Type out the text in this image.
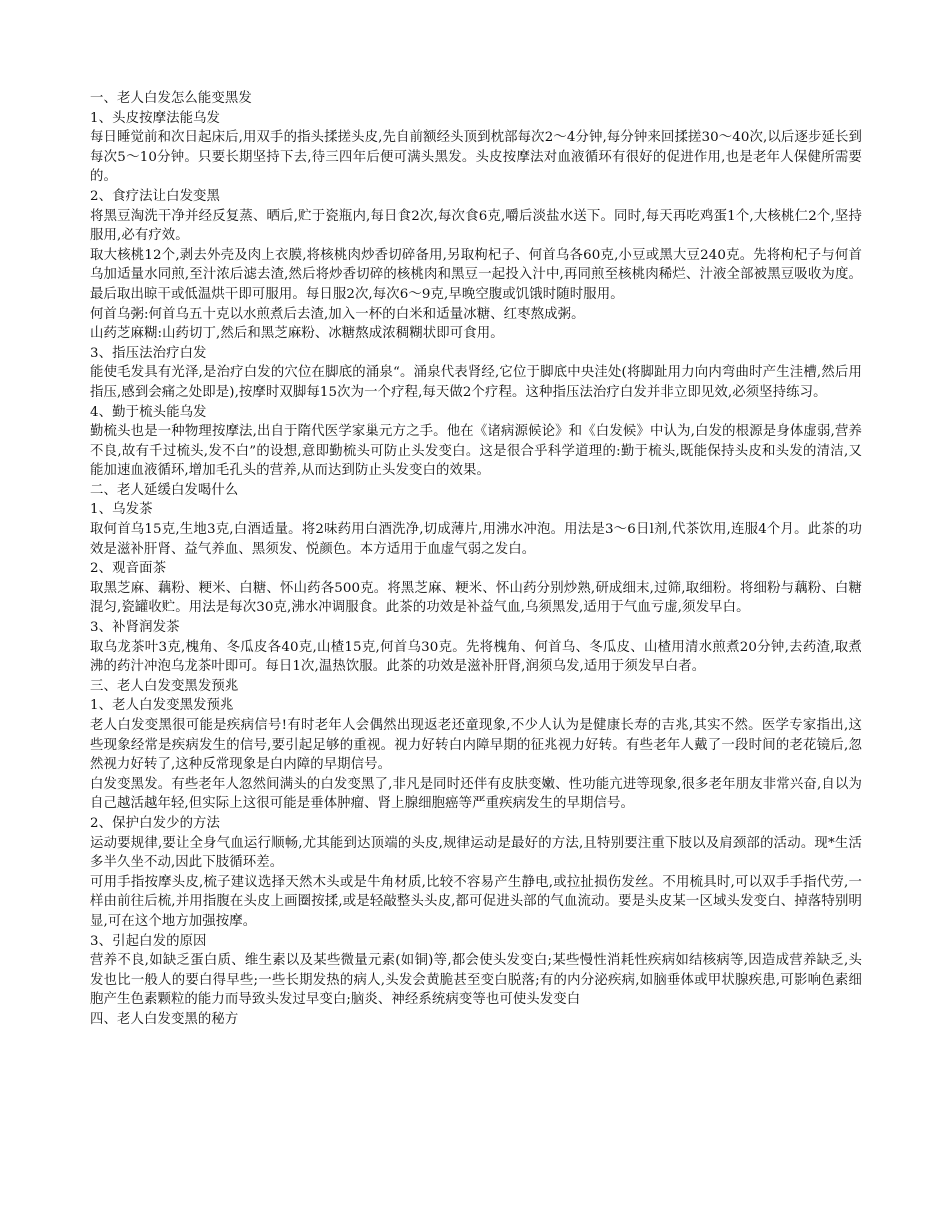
一、老人白发怎么能变黑发

1、头皮按摩法能乌发

每日睡觉前和次日起床后,用双手的指头揉搓头皮,先自前额经头顶到枕部每次2～4分钟,每分钟来回揉搓30～40次,以后逐步延长到每次5～10分钟。只要长期坚持下去,待三四年后便可满头黑发。头皮按摩法对血液循环有很好的促进作用,也是老年人保健所需要的。

2、食疗法让白发变黑

将黑豆淘洗干净并经反复蒸、晒后,贮于瓷瓶内,每日食2次,每次食6克,嚼后淡盐水送下。同时,每天再吃鸡蛋1个,大核桃仁2个,坚持服用,必有疗效。

取大核桃12个,剥去外壳及肉上衣膜,将核桃肉炒香切碎备用,另取枸杞子、何首乌各60克,小豆或黑大豆240克。先将枸杞子与何首乌加适量水同煎,至汁浓后滤去渣,然后将炒香切碎的核桃肉和黑豆一起投入汁中,再同煎至核桃肉稀烂、汁液全部被黑豆吸收为度。最后取出晾干或低温烘干即可服用。每日服2次,每次6～9克,早晚空腹或饥饿时随时服用。

何首乌粥:何首乌五十克以水煎煮后去渣,加入一杯的白米和适量冰糖、红枣熬成粥。

山药芝麻糊:山药切丁,然后和黑芝麻粉、冰糖熬成浓稠糊状即可食用。

3、指压法治疗白发

能使毛发具有光泽,是治疗白发的穴位在脚底的涌泉“。涌泉代表肾经,它位于脚底中央洼处(将脚趾用力向内弯曲时产生洼槽,然后用指压,感到会痛之处即是),按摩时双脚每15次为一个疗程,每天做2个疗程。这种指压法治疗白发并非立即见效,必须坚持练习。

4、勤于梳头能乌发

勤梳头也是一种物理按摩法,出自于隋代医学家巢元方之手。他在《诸病源候论》和《白发候》中认为,白发的根源是身体虚弱,营养不良,故有千过梳头,发不白”的设想,意即勤梳头可防止头发变白。这是很合乎科学道理的:勤于梳头,既能保持头皮和头发的清洁,又能加速血液循环,增加毛孔头的营养,从而达到防止头发变白的效果。

二、老人延缓白发喝什么

1、乌发茶

取何首乌15克,生地3克,白酒适量。将2味药用白酒洗净,切成薄片,用沸水冲泡。用法是3～6日l剂,代茶饮用,连服4个月。此茶的功效是滋补肝肾、益气养血、黑须发、悦颜色。本方适用于血虚气弱之发白。

2、观音面茶

取黑芝麻、藕粉、粳米、白糖、怀山药各500克。将黑芝麻、粳米、怀山药分别炒熟,研成细末,过筛,取细粉。将细粉与藕粉、白糖混匀,瓷罐收贮。用法是每次30克,沸水冲调服食。此茶的功效是补益气血,乌须黑发,适用于气血亏虚,须发早白。

3、补肾润发茶

取乌龙茶叶3克,槐角、冬瓜皮各40克,山楂15克,何首乌30克。先将槐角、何首乌、冬瓜皮、山楂用清水煎煮20分钟,去药渣,取煮沸的药汁冲泡乌龙茶叶即可。每日1次,温热饮服。此茶的功效是滋补肝肾,润须乌发,适用于须发早白者。

三、老人白发变黑发预兆

1、老人白发变黑发预兆

老人白发变黑很可能是疾病信号!有时老年人会偶然出现返老还童现象,不少人认为是健康长寿的吉兆,其实不然。医学专家指出,这些现象经常是疾病发生的信号,要引起足够的重视。视力好转白内障早期的征兆视力好转。有些老年人戴了一段时间的老花镜后,忽然视力好转了,这种反常现象是白内障的早期信号。

白发变黑发。有些老年人忽然间满头的白发变黑了,非凡是同时还伴有皮肤变嫩、性功能亢进等现象,很多老年朋友非常兴奋,自以为自己越活越年轻,但实际上这很可能是垂体肿瘤、肾上腺细胞癌等严重疾病发生的早期信号。

2、保护白发少的方法

运动要规律,要让全身气血运行顺畅,尤其能到达顶端的头皮,规律运动是最好的方法,且特别要注重下肢以及肩颈部的活动。现*生活多半久坐不动,因此下肢循环差。

可用手指按摩头皮,梳子建议选择天然木头或是牛角材质,比较不容易产生静电,或拉扯损伤发丝。不用梳具时,可以双手手指代劳,一样由前往后梳,并用指腹在头皮上画圈按揉,或是轻敲整头头皮,都可促进头部的气血流动。要是头皮某一区域头发变白、掉落特别明显,可在这个地方加强按摩。

3、引起白发的原因

营养不良,如缺乏蛋白质、维生素以及某些微量元素(如铜)等,都会使头发变白;某些慢性消耗性疾病如结核病等,因造成营养缺乏,头发也比一般人的要白得早些;一些长期发热的病人,头发会黄脆甚至变白脱落;有的内分泌疾病,如脑垂体或甲状腺疾患,可影响色素细胞产生色素颗粒的能力而导致头发过早变白;脑炎、神经系统病变等也可使头发变白

四、老人白发变黑的秘方
